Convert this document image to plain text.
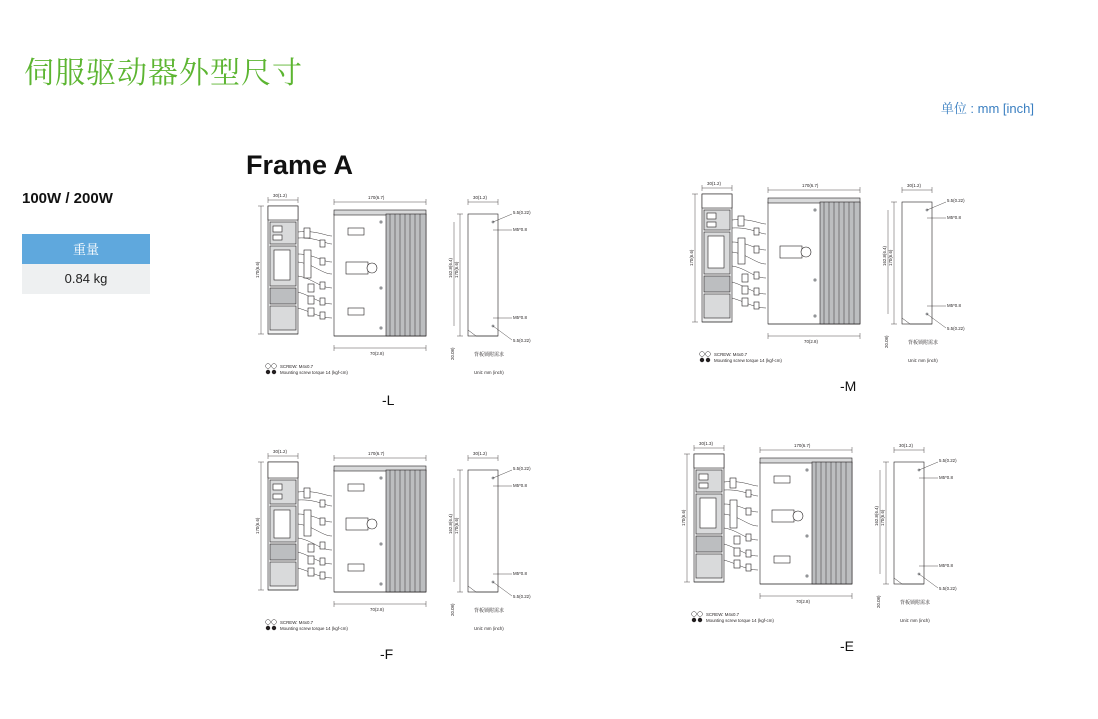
伺服驱动器外型尺寸
单位 : mm [inch]
Frame A
100W / 200W
重量
0.84 kg
30(1.2)
170(6.6)
170(6.7)
70(2.8)
30(1.2)
170(6.6)
162.8(6.4)
5.5(0.22)
M5*0.8
M5*0.8
5.5(0.22)
20.08)	背板锁附需求
Unit: mm (inch)
SCREW: M4x0.7
Mounting screw torque 14 (kgf-cm)
-L
30(1.2)
170(6.6)
170(6.7)
70(2.8)
30(1.2)
170(6.6)
162.8(6.4)
5.5(0.22)
M5*0.8
M5*0.8
5.5(0.22)
20.08)	背板锁附需求
Unit: mm (inch)
SCREW: M4x0.7
Mounting screw torque 14 (kgf-cm)
-M
30(1.2)
170(6.6)
170(6.7)
70(2.8)
30(1.2)
170(6.6)
162.8(6.4)
5.5(0.22)
M5*0.8
M5*0.8
5.5(0.22)
20.08)	背板锁附需求
Unit: mm (inch)
SCREW: M4x0.7
Mounting screw torque 14 (kgf-cm)
-F
30(1.3)
170(6.6)
170(6.7)
70(2.8)
30(1.2)
170(6.6)
162.8(6.4)
5.5(0.22)
M5*0.8
M5*0.8
5.5(0.22)
20.08)	背板锁附需求
Unit: mm (inch)
SCREW: M4x0.7
Mounting screw torque 14 (kgf-cm)
-E
